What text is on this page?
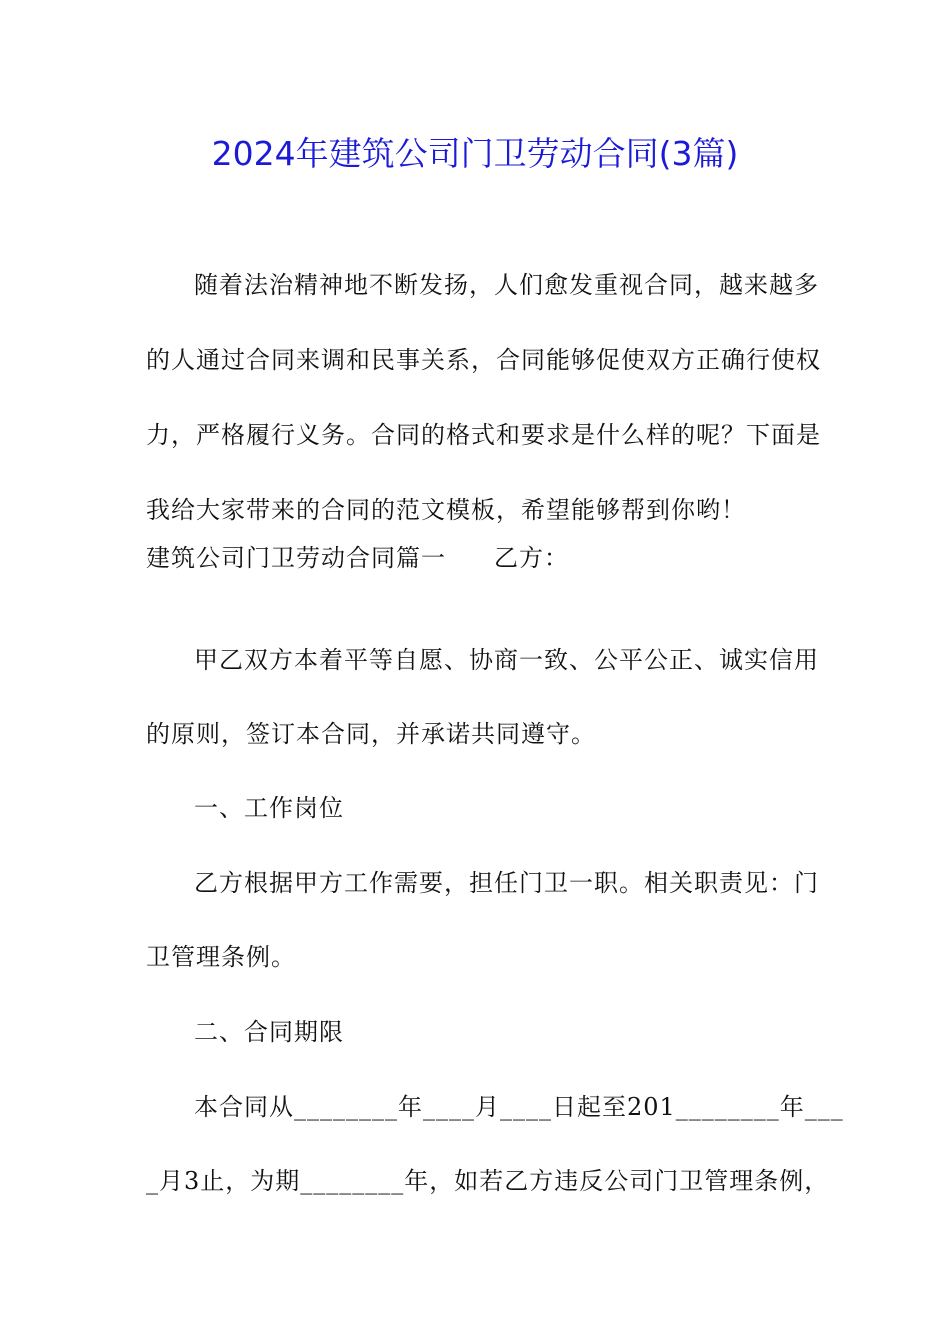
2024年建筑公司门卫劳动合同(3篇)
随着法治精神地不断发扬，人们愈发重视合同，越来越多
的人通过合同来调和民事关系，合同能够促使双方正确行使权
力，严格履行义务。合同的格式和要求是什么样的呢？下面是
我给大家带来的合同的范文模板，希望能够帮到你哟！
建筑公司门卫劳动合同篇一 乙方：
甲乙双方本着平等自愿、协商一致、公平公正、诚实信用
的原则，签订本合同，并承诺共同遵守。
一、工作岗位
乙方根据甲方工作需要，担任门卫一职。相关职责见：门
卫管理条例。
二、合同期限
本合同从________年____月____日起至201________年___
_月3止，为期________年，如若乙方违反公司门卫管理条例，
